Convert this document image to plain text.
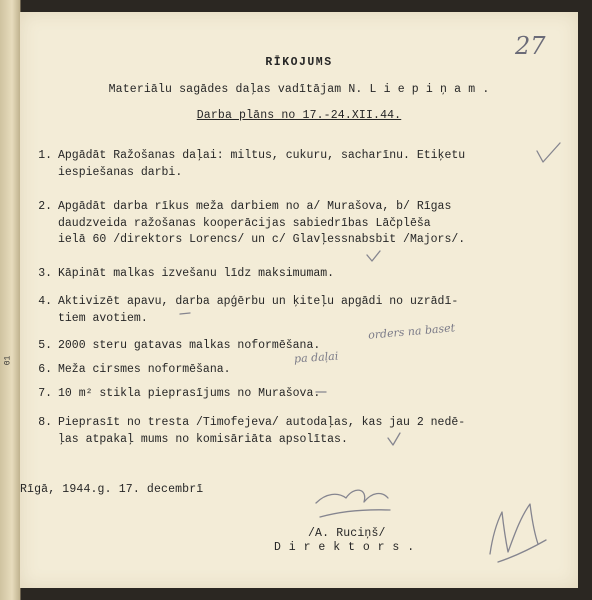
01
RĪKOJUMS
Materiālu sagādes daļas vadītājam N. L i e p i ņ a m .
Darba plāns no 17.-24.XII.44.
1. Apgādāt Ražošanas daļai: miltus, cukuru, sacharīnu. Etiķetu
iespiešanas darbi.
2. Apgādāt darba rīkus meža darbiem no a/ Murašova, b/ Rīgas
daudzveida ražošanas kooperācijas sabiedrības Lāčplēša
ielā 60 /direktors Lorencs/ un c/ Glavļessnabsbit /Majors/.
3. Kāpināt malkas izvešanu līdz maksimumam.
4. Aktivizēt apavu, darba apģērbu un ķiteļu apgādi no uzrādī-
tiem avotiem.
5. 2000 steru gatavas malkas noformēšana.
6. Meža cirsmes noformēšana.
7. 10 m² stikla pieprasījums no Murašova.
8. Pieprasīt no tresta /Timofejeva/ autodaļas, kas jau 2 nedē-
ļas atpakaļ mums no komisāriāta apsolītas.
Rīgā, 1944.g. 17. decembrī
/A. Ruciņš/
D i r e k t o r s .
27
orders na baset
pa daļai
